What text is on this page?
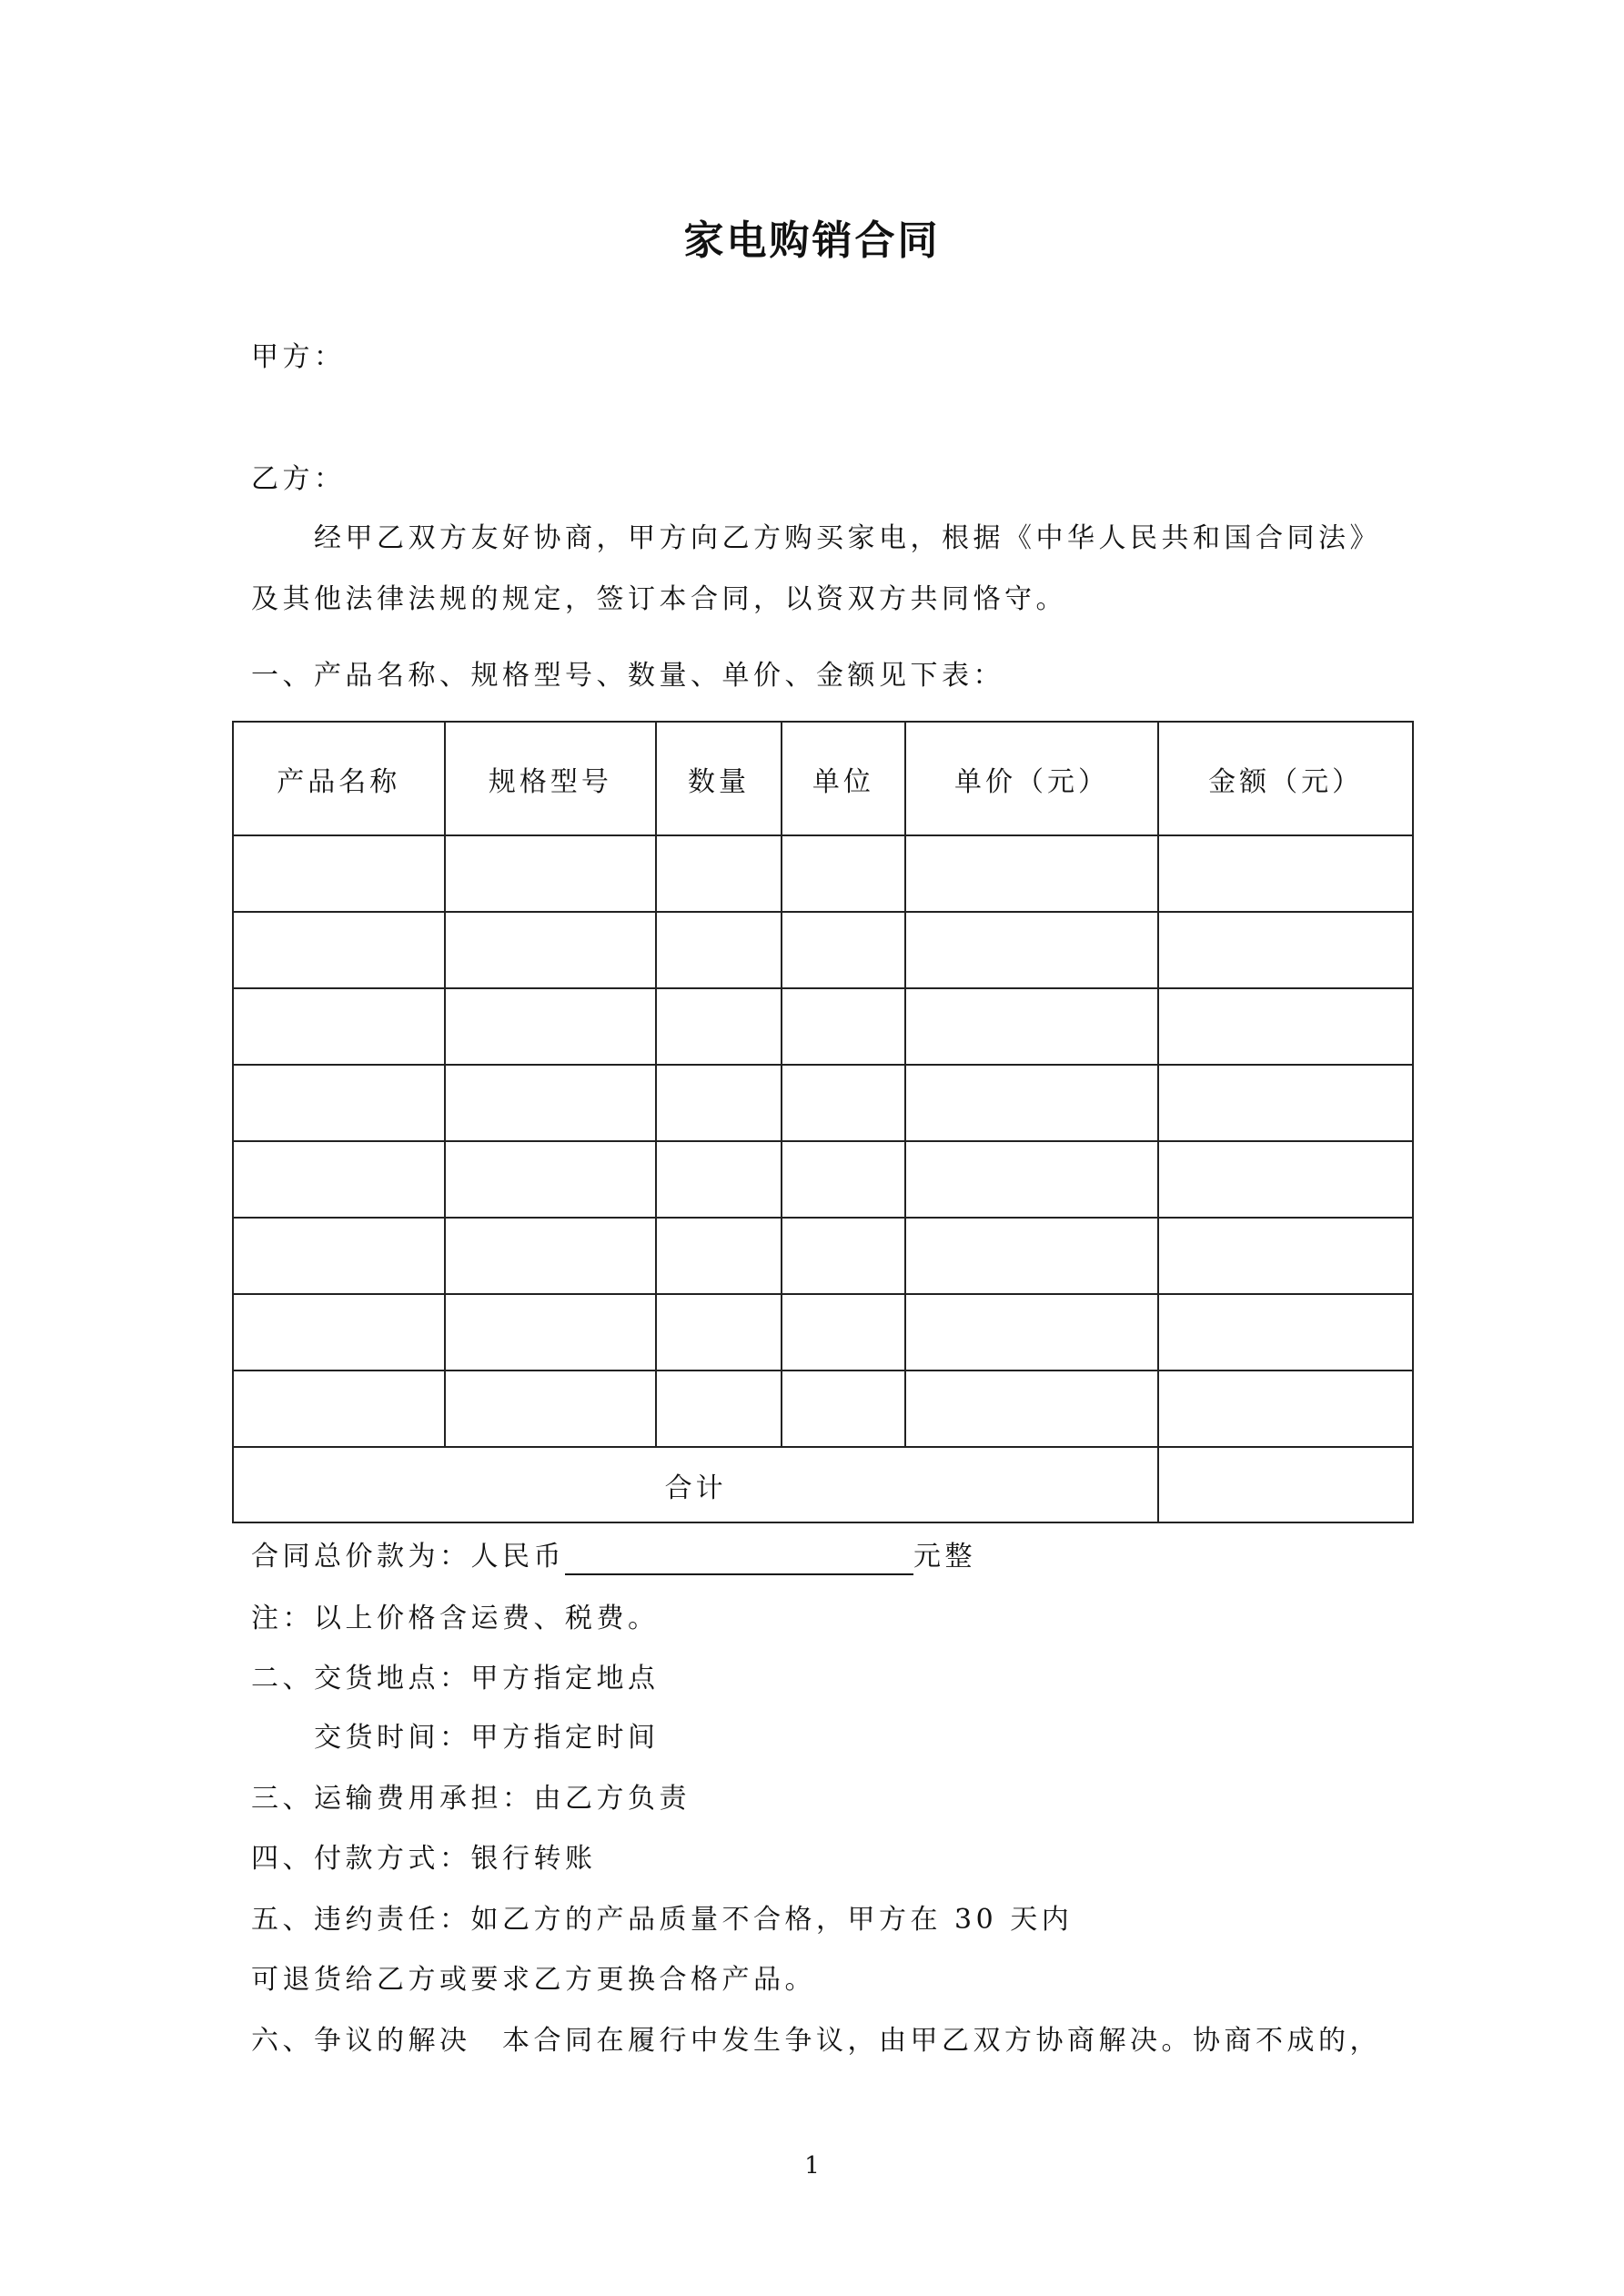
家电购销合同
甲方：
乙方：
经甲乙双方友好协商，甲方向乙方购买家电，根据《中华人民共和国合同法》
及其他法律法规的规定，签订本合同，以资双方共同恪守。
一、产品名称、规格型号、数量、单价、金额见下表：
产品名称	规格型号	数量	单位	单价（元）	金额（元）

合计					
合同总价款为：人民币	元整
注：以上价格含运费、税费。
二、交货地点：甲方指定地点
交货时间：甲方指定时间
三、运输费用承担：由乙方负责
四、付款方式：银行转账
五、违约责任：如乙方的产品质量不合格，甲方在 30 天内
可退货给乙方或要求乙方更换合格产品。
六、争议的解决　本合同在履行中发生争议，由甲乙双方协商解决。协商不成的，
1
